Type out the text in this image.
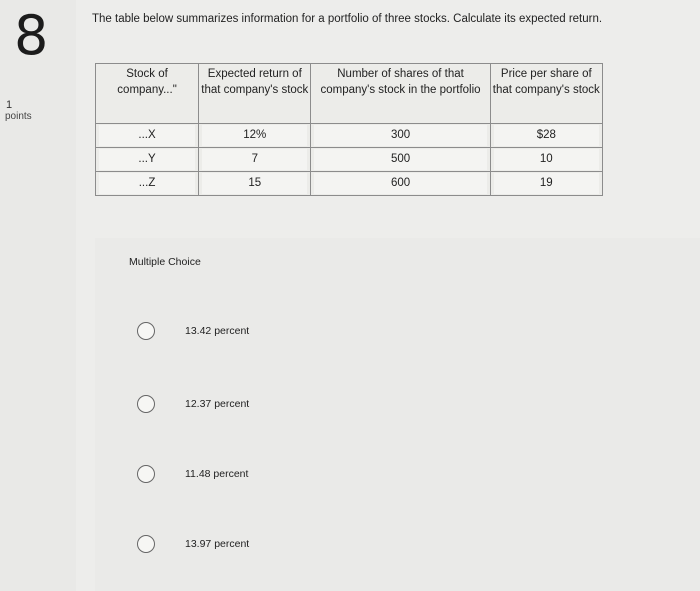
8
1
points
The table below summarizes information for a portfolio of three stocks. Calculate its expected return.
Stock of company..."	Expected return of that company's stock	Number of shares of that company's stock in the portfolio	Price per share of that company's stock

...X	12%	300	$28

...Y	7	500	10

...Z	15	600	19
Multiple Choice
13.42 percent
12.37 percent
11.48 percent
13.97 percent
